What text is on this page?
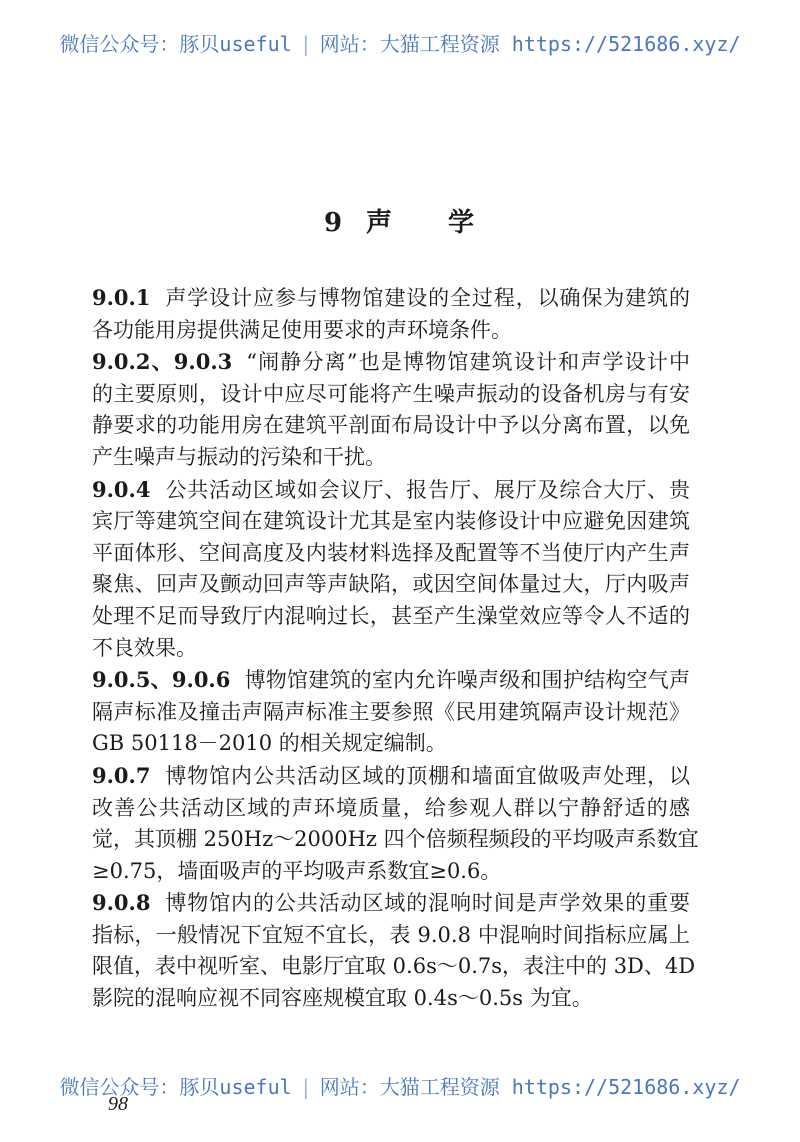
微信公众号：豚贝useful | 网站：大猫工程资源 https://521686.xyz/
9 声 学
9.0.1 声学设计应参与博物馆建设的全过程，以确保为建筑的
各功能用房提供满足使用要求的声环境条件。
9.0.2、9.0.3 “闹静分离”也是博物馆建筑设计和声学设计中
的主要原则，设计中应尽可能将产生噪声振动的设备机房与有安
静要求的功能用房在建筑平剖面布局设计中予以分离布置，以免
产生噪声与振动的污染和干扰。
9.0.4 公共活动区域如会议厅、报告厅、展厅及综合大厅、贵
宾厅等建筑空间在建筑设计尤其是室内装修设计中应避免因建筑
平面体形、空间高度及内装材料选择及配置等不当使厅内产生声
聚焦、回声及颤动回声等声缺陷，或因空间体量过大，厅内吸声
处理不足而导致厅内混响过长，甚至产生澡堂效应等令人不适的
不良效果。
9.0.5、9.0.6 博物馆建筑的室内允许噪声级和围护结构空气声
隔声标准及撞击声隔声标准主要参照《民用建筑隔声设计规范》
GB 50118－2010 的相关规定编制。
9.0.7 博物馆内公共活动区域的顶棚和墙面宜做吸声处理，以
改善公共活动区域的声环境质量，给参观人群以宁静舒适的感
觉，其顶棚 250Hz～2000Hz 四个倍频程频段的平均吸声系数宜
≥0.75，墙面吸声的平均吸声系数宜≥0.6。
9.0.8 博物馆内的公共活动区域的混响时间是声学效果的重要
指标，一般情况下宜短不宜长，表 9.0.8 中混响时间指标应属上
限值，表中视听室、电影厅宜取 0.6s～0.7s，表注中的 3D、4D
影院的混响应视不同容座规模宜取 0.4s～0.5s 为宜。
微信公众号：豚贝useful | 网站：大猫工程资源 https://521686.xyz/
98
